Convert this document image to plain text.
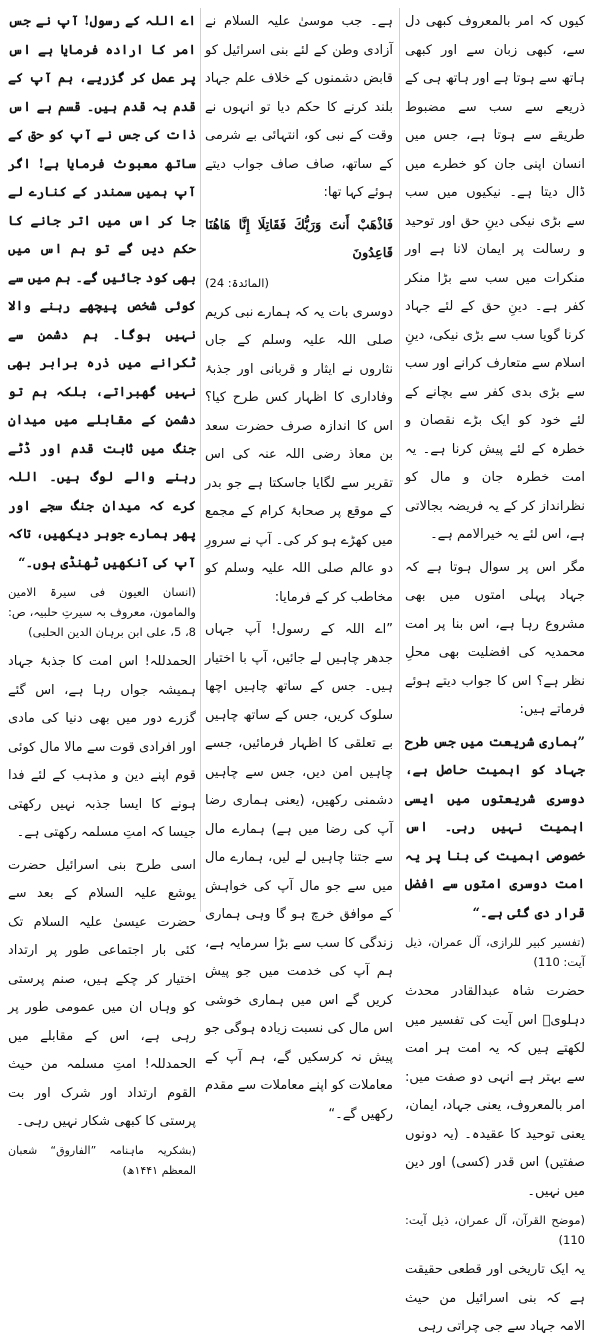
کیوں کہ امر بالمعروف کبھی دل سے، کبھی زبان سے اور کبھی ہاتھ سے ہوتا ہے اور ہاتھ ہی کے ذریعے سے سب سے مضبوط طریقے سے ہوتا ہے، جس میں انسان اپنی جان کو خطرے میں ڈال دیتا ہے۔ نیکیوں میں سب سے بڑی نیکی دینِ حق اور توحید و رسالت پر ایمان لانا ہے اور منکرات میں سب سے بڑا منکر کفر ہے۔ دینِ حق کے لئے جہاد کرنا گویا سب سے بڑی نیکی، دینِ اسلام سے متعارف کرانے اور سب سے بڑی بدی کفر سے بچانے کے لئے خود کو ایک بڑے نقصان و خطرہ کے لئے پیش کرنا ہے۔ یہ امت خطرہ جان و مال کو نظرانداز کر کے یہ فریضہ بجالاتی ہے، اس لئے یہ خیرالامم ہے۔

مگر اس پر سوال ہوتا ہے کہ جہاد پہلی امتوں میں بھی مشروع رہا ہے، اس بنا پر امت محمدیہ کی افضلیت بھی محلِ نظر ہے؟ اس کا جواب دیتے ہوئے فرماتے ہیں:

”ہماری شریعت میں جس طرح جہاد کو اہمیت حاصل ہے، دوسری شریعتوں میں ایسی اہمیت نہیں رہی۔ اس خصوصی اہمیت کی بنا پر یہ امت دوسری امتوں سے افضل قرار دی گئی ہے۔“

(تفسیر کبیر للرازی، آل عمران، ذیل آیت: 110)

حضرت شاہ عبدالقادر محدث دہلویؒ اس آیت کی تفسیر میں لکھتے ہیں کہ یہ امت ہر امت سے بہتر ہے انہی دو صفت میں: امر بالمعروف، یعنی جہاد، ایمان، یعنی توحید کا عقیدہ۔ (یہ دونوں صفتیں) اس قدر (کسی) اور دین میں نہیں۔

(موضح القرآن، آل عمران، ذیل آیت: 110)

یہ ایک تاریخی اور قطعی حقیقت ہے کہ بنی اسرائیل من حیث الامہ جہاد سے جی چراتی رہی

ہے۔ جب موسیٰ علیہ السلام نے آزادی وطن کے لئے بنی اسرائیل کو قابض دشمنوں کے خلاف علم جہاد بلند کرنے کا حکم دیا تو انہوں نے وقت کے نبی کو، انتہائی بے شرمی کے ساتھ، صاف صاف جواب دیتے ہوئے کہا تھا:

فَاذْهَبْ أَنتَ وَرَبُّكَ فَقَاتِلَا إِنَّا هَاهُنَا قَاعِدُونَ

(المائدۃ: 24)

دوسری بات یہ کہ ہمارے نبی کریم صلی اللہ علیہ وسلم کے جاں نثاروں نے ایثار و قربانی اور جذبۂ وفاداری کا اظہار کس طرح کیا؟ اس کا اندازہ صرف حضرت سعد بن معاذ رضی اللہ عنہ کی اس تقریر سے لگایا جاسکتا ہے جو بدر کے موقع پر صحابۂ کرام کے مجمع میں کھڑے ہو کر کی۔ آپ نے سرورِ دو عالم صلی اللہ علیہ وسلم کو مخاطب کر کے فرمایا:

”اے اللہ کے رسول! آپ جہاں جدھر چاہیں لے جائیں، آپ با اختیار ہیں۔ جس کے ساتھ چاہیں اچھا سلوک کریں، جس کے ساتھ چاہیں بے تعلقی کا اظہار فرمائیں، جسے چاہیں امن دیں، جس سے چاہیں دشمنی رکھیں، (یعنی ہماری رضا آپ کی رضا میں ہے) ہمارے مال سے جتنا چاہیں لے لیں، ہمارے مال میں سے جو مال آپ کی خواہش کے موافق خرچ ہو گا وہی ہماری زندگی کا سب سے بڑا سرمایہ ہے، ہم آپ کی خدمت میں جو پیش کریں گے اس میں ہماری خوشی اس مال کی نسبت زیادہ ہوگی جو پیش نہ کرسکیں گے، ہم آپ کے معاملات کو اپنے معاملات سے مقدم رکھیں گے۔“

اے اللہ کے رسول! آپ نے جس امر کا ارادہ فرمایا ہے اس پر عمل کر گزریے، ہم آپ کے قدم بہ قدم ہیں۔ قسم ہے اس ذات کی جس نے آپ کو حق کے ساتھ معبوث فرمایا ہے! اگر آپ ہمیں سمندر کے کنارے لے جا کر اس میں اتر جانے کا حکم دیں گے تو ہم اس میں بھی کود جائیں گے۔ ہم میں سے کوئی شخص پیچھے رہنے والا نہیں ہوگا۔ ہم دشمن سے ٹکرانے میں ذرہ برابر بھی نہیں گھبراتے، بلکہ ہم تو دشمن کے مقابلے میں میدانِ جنگ میں ثابت قدم اور ڈٹے رہنے والے لوگ ہیں۔ اللہ کرے کہ میدانِ جنگ سجے اور پھر ہمارے جوہر دیکھیں، تاکہ آپ کی آنکھیں ٹھنڈی ہوں۔“

(انسان العیون فی سیرۃ الامین والمامون، معروف بہ سیرتِ حلبیہ، ص: 8، 5، علی ابن برہان الدین الحلبی)

الحمدللہ! اس امت کا جذبۂ جہاد ہمیشہ جواں رہا ہے، اس گئے گزرے دور میں بھی دنیا کی مادی اور افرادی قوت سے مالا مال کوئی قوم اپنے دین و مذہب کے لئے فدا ہونے کا ایسا جذبہ نہیں رکھتی جیسا کہ امتِ مسلمہ رکھتی ہے۔

اسی طرح بنی اسرائیل حضرت یوشع علیہ السلام کے بعد سے حضرت عیسیٰ علیہ السلام تک کئی بار اجتماعی طور پر ارتداد اختیار کر چکے ہیں، صنم پرستی کو وہاں ان میں عمومی طور پر رہی ہے، اس کے مقابلے میں الحمدللہ! امتِ مسلمہ من حیث القوم ارتداد اور شرک اور بت پرستی کا کبھی شکار نہیں رہی۔

(بشکریہ ماہنامہ ”الفاروق“ شعبان المعظم ۱۴۴۱ھ)
